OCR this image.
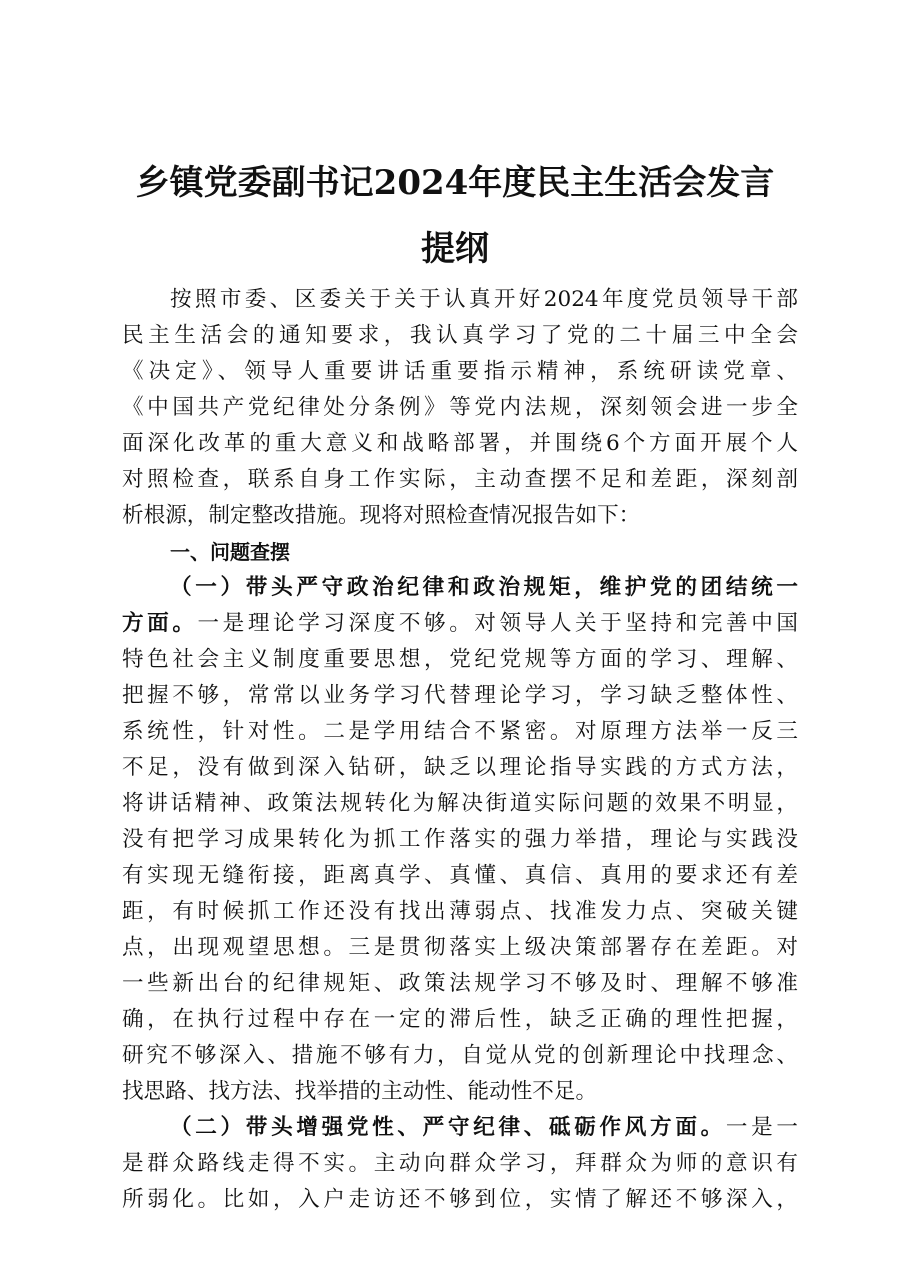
乡镇党委副书记2024年度民主生活会发言提纲
按照市委、区委关于关于认真开好2024年度党员领导干部
民主生活会的通知要求，我认真学习了党的二十届三中全会
《决定》、领导人重要讲话重要指示精神，系统研读党章、
《中国共产党纪律处分条例》等党内法规，深刻领会进一步全
面深化改革的重大意义和战略部署，并围绕6个方面开展个人
对照检查，联系自身工作实际，主动查摆不足和差距，深刻剖
析根源，制定整改措施。现将对照检查情况报告如下：
一、问题查摆
（一）带头严守政治纪律和政治规矩，维护党的团结统一
方面。一是理论学习深度不够。对领导人关于坚持和完善中国
特色社会主义制度重要思想，党纪党规等方面的学习、理解、
把握不够，常常以业务学习代替理论学习，学习缺乏整体性、
系统性，针对性。二是学用结合不紧密。对原理方法举一反三
不足，没有做到深入钻研，缺乏以理论指导实践的方式方法，
将讲话精神、政策法规转化为解决街道实际问题的效果不明显，
没有把学习成果转化为抓工作落实的强力举措，理论与实践没
有实现无缝衔接，距离真学、真懂、真信、真用的要求还有差
距，有时候抓工作还没有找出薄弱点、找准发力点、突破关键
点，出现观望思想。三是贯彻落实上级决策部署存在差距。对
一些新出台的纪律规矩、政策法规学习不够及时、理解不够准
确，在执行过程中存在一定的滞后性，缺乏正确的理性把握，
研究不够深入、措施不够有力，自觉从党的创新理论中找理念、
找思路、找方法、找举措的主动性、能动性不足。
（二）带头增强党性、严守纪律、砥砺作风方面。一是一
是群众路线走得不实。主动向群众学习，拜群众为师的意识有
所弱化。比如，入户走访还不够到位，实情了解还不够深入，
